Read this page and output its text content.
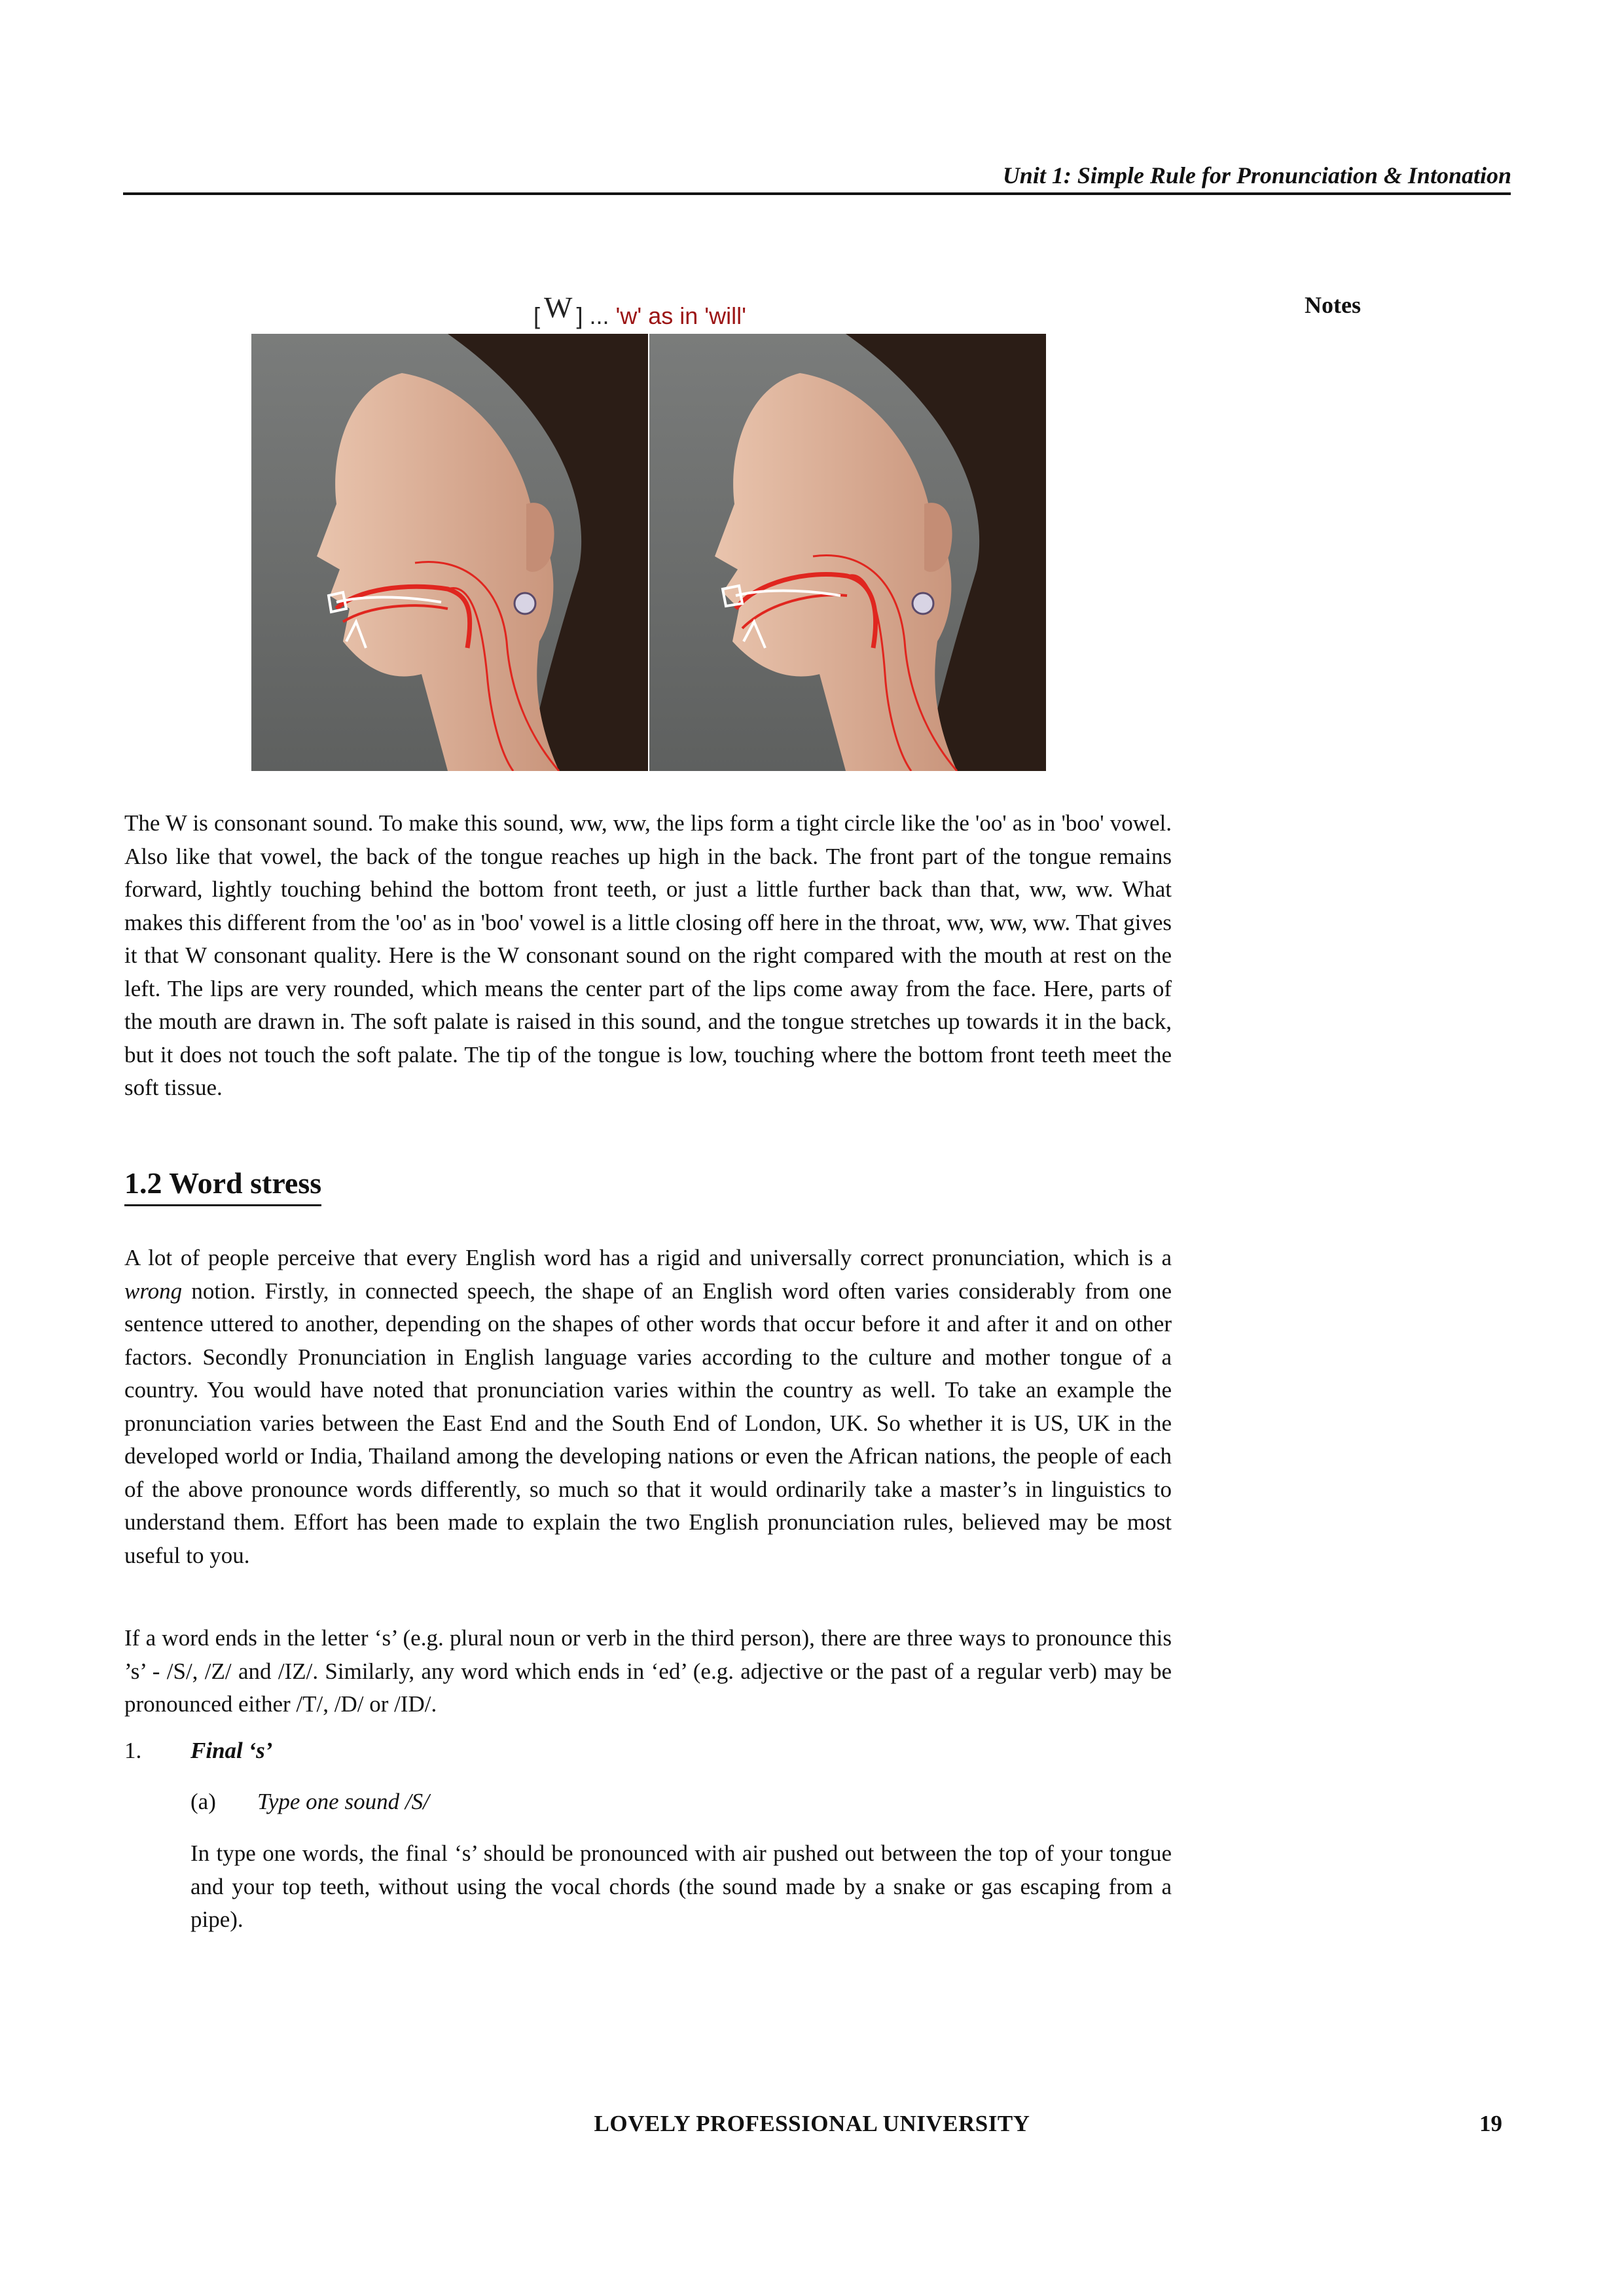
Unit 1: Simple Rule for Pronunciation & Intonation
Notes
[ W ] ... 'w' as in 'will'

The W is consonant sound. To make this sound, ww, ww, the lips form a tight circle like the 'oo' as in 'boo' vowel. Also like that vowel, the back of the tongue reaches up high in the back. The front part of the tongue remains forward, lightly touching behind the bottom front teeth, or just a little further back than that, ww, ww. What makes this different from the 'oo' as in 'boo' vowel is a little closing off here in the throat, ww, ww, ww. That gives it that W consonant quality. Here is the W consonant sound on the right compared with the mouth at rest on the left. The lips are very rounded, which means the center part of the lips come away from the face. Here, parts of the mouth are drawn in. The soft palate is raised in this sound, and the tongue stretches up towards it in the back, but it does not touch the soft palate. The tip of the tongue is low, touching where the bottom front teeth meet the soft tissue.

1.2 Word stress

A lot of people perceive that every English word has a rigid and universally correct pronunciation, which is a wrong notion. Firstly, in connected speech, the shape of an English word often varies considerably from one sentence uttered to another, depending on the shapes of other words that occur before it and after it and on other factors. Secondly Pronunciation in English language varies according to the culture and mother tongue of a country. You would have noted that pronunciation varies within the country as well. To take an example the pronunciation varies between the East End and the South End of London, UK. So whether it is US, UK in the developed world or India, Thailand among the developing nations or even the African nations, the people of each of the above pronounce words differently, so much so that it would ordinarily take a master’s in linguistics to understand them. Effort has been made to explain the two English pronunciation rules, believed may be most useful to you.

If a word ends in the letter ‘s’ (e.g. plural noun or verb in the third person), there are three ways to pronounce this ’s’ - /S/, /Z/ and /IZ/. Similarly, any word which ends in ‘ed’ (e.g. adjective or the past of a regular verb) may be pronounced either /T/, /D/ or /ID/.

1. Final ‘s’
(a) Type one sound /S/

In type one words, the final ‘s’ should be pronounced with air pushed out between the top of your tongue and your top teeth, without using the vocal chords (the sound made by a snake or gas escaping from a pipe).

LOVELY PROFESSIONAL UNIVERSITY	19
